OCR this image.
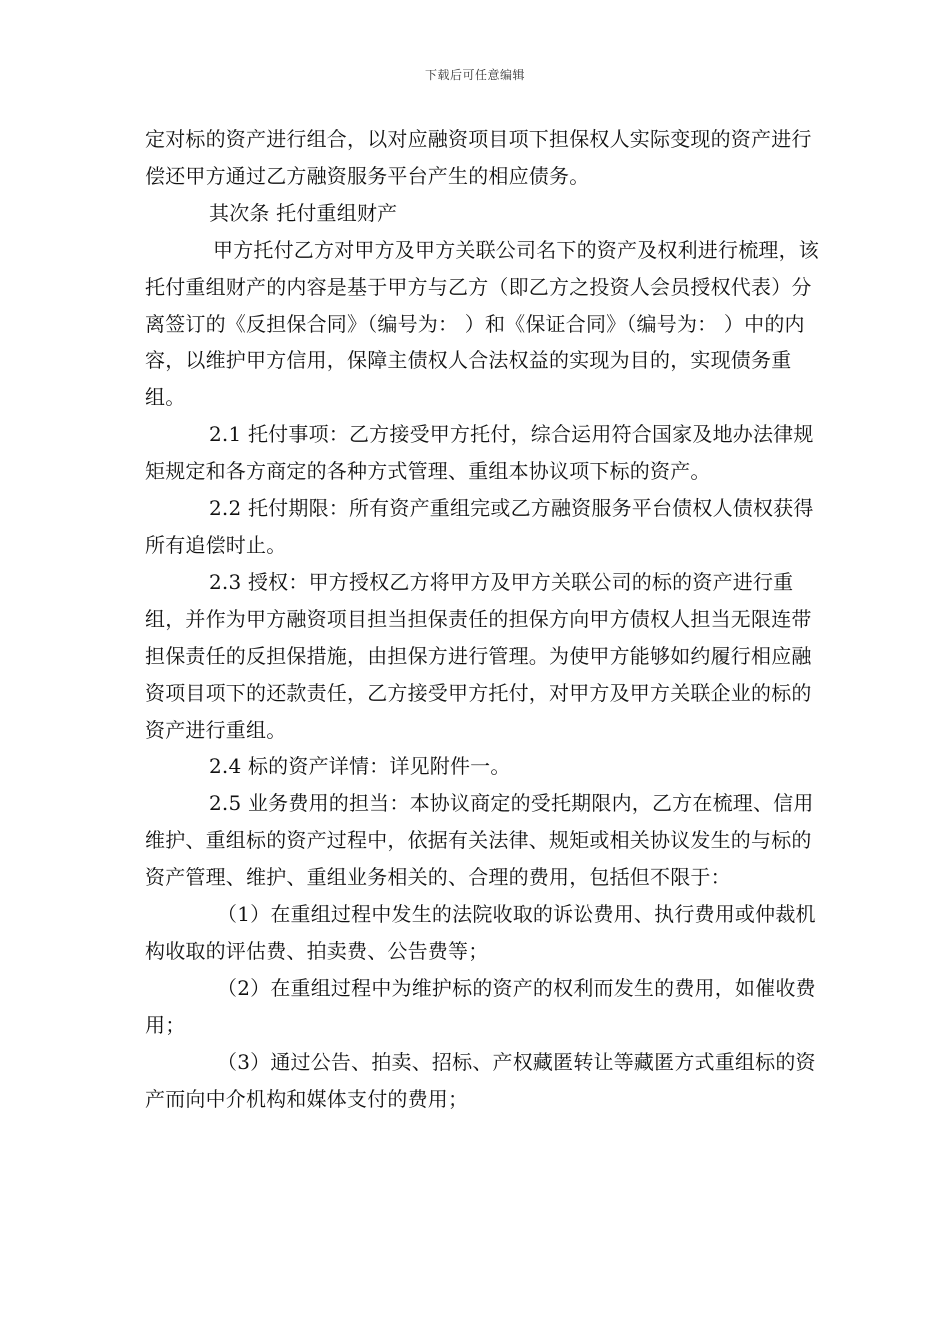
下载后可任意编辑

定对标的资产进行组合，以对应融资项目项下担保权人实际变现的资产进行偿还甲方通过乙方融资服务平台产生的相应债务。

其次条 托付重组财产

甲方托付乙方对甲方及甲方关联公司名下的资产及权利进行梳理，该托付重组财产的内容是基于甲方与乙方（即乙方之投资人会员授权代表）分离签订的《反担保合同》（编号为： ）和《保证合同》（编号为： ）中的内容，以维护甲方信用，保障主债权人合法权益的实现为目的，实现债务重组。

2.1 托付事项：乙方接受甲方托付，综合运用符合国家及地办法律规矩规定和各方商定的各种方式管理、重组本协议项下标的资产。

2.2 托付期限：所有资产重组完或乙方融资服务平台债权人债权获得所有追偿时止。

2.3 授权：甲方授权乙方将甲方及甲方关联公司的标的资产进行重组，并作为甲方融资项目担当担保责任的担保方向甲方债权人担当无限连带担保责任的反担保措施，由担保方进行管理。为使甲方能够如约履行相应融资项目项下的还款责任，乙方接受甲方托付，对甲方及甲方关联企业的标的资产进行重组。

2.4 标的资产详情：详见附件一。

2.5 业务费用的担当：本协议商定的受托期限内，乙方在梳理、信用维护、重组标的资产过程中，依据有关法律、规矩或相关协议发生的与标的资产管理、维护、重组业务相关的、合理的费用，包括但不限于：

（1）在重组过程中发生的法院收取的诉讼费用、执行费用或仲裁机构收取的评估费、拍卖费、公告费等；

（2）在重组过程中为维护标的资产的权利而发生的费用，如催收费用；

（3）通过公告、拍卖、招标、产权藏匿转让等藏匿方式重组标的资产而向中介机构和媒体支付的费用；
